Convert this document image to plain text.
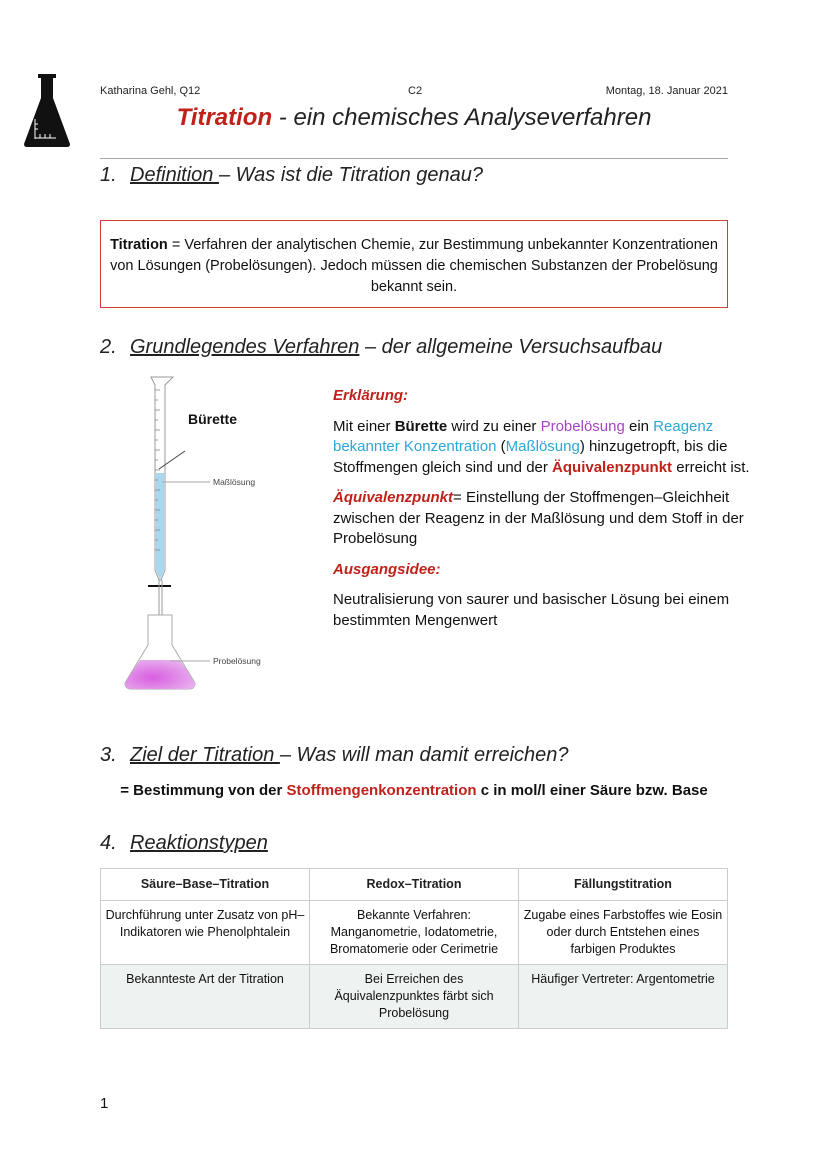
Katharina Gehl, Q12	C2	Montag, 18. Januar 2021
Titration - ein chemisches Analyseverfahren
1. Definition – Was ist die Titration genau?
Titration = Verfahren der analytischen Chemie, zur Bestimmung unbekannter Konzentrationen von Lösungen (Probelösungen). Jedoch müssen die chemischen Substanzen der Probelösung bekannt sein.
2. Grundlegendes Verfahren – der allgemeine Versuchsaufbau
Bürette
Maßlösung
Probelösung

Erklärung:

Mit einer Bürette wird zu einer Probelösung ein Reagenz bekannter Konzentration (Maßlösung) hinzugetropft, bis die Stoffmengen gleich sind und der Äquivalenzpunkt erreicht ist.

Äquivalenzpunkt= Einstellung der Stoffmengen–Gleichheit zwischen der Reagenz in der Maßlösung und dem Stoff in der Probelösung

Ausgangsidee:

Neutralisierung von saurer und basischer Lösung bei einem bestimmten Mengenwert

3. Ziel der Titration – Was will man damit erreichen?
= Bestimmung von der Stoffmengenkonzentration c in mol/l einer Säure bzw. Base
4. Reaktionstypen
Säure–Base–Titration	Redox–Titration	Fällungstitration
Durchführung unter Zusatz von pH–Indikatoren wie Phenolphtalein	Bekannte Verfahren: Manganometrie, Iodatometrie, Bromatomerie oder Cerimetrie	Zugabe eines Farbstoffes wie Eosin oder durch Entstehen eines farbigen Produktes
Bekannteste Art der Titration	Bei Erreichen des Äquivalenzpunktes färbt sich Probelösung	Häufiger Vertreter: Argentometrie
1
